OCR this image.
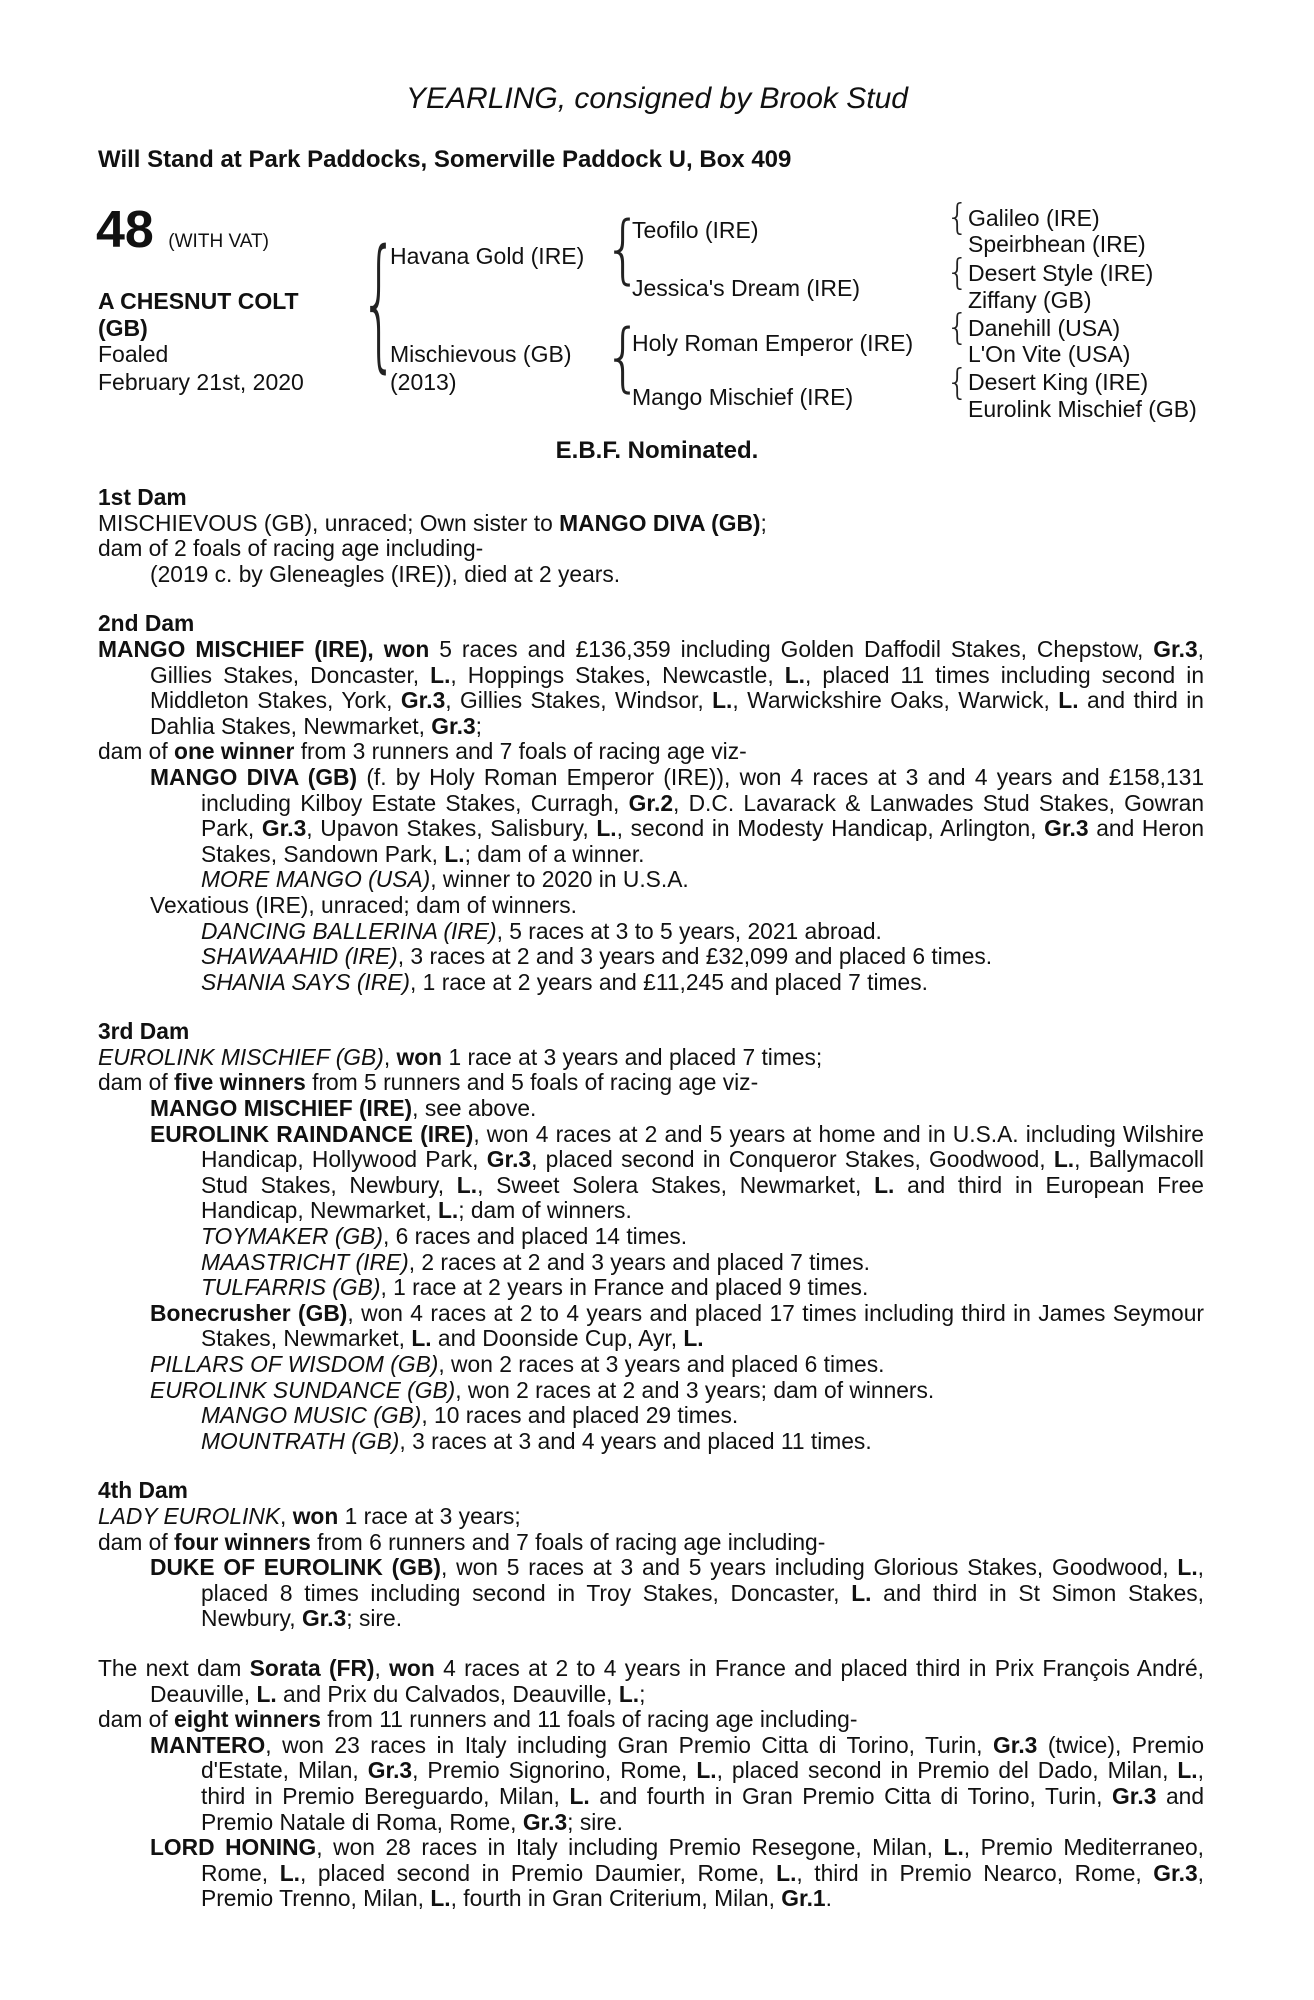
YEARLING, consigned by Brook Stud
Will Stand at Park Paddocks, Somerville Paddock U, Box 409
48 (WITH VAT)
A CHESNUT COLT
(GB)
Foaled
February 21st, 2020 {
Havana Gold (IRE)
Mischievous (GB)
(2013)
{
{
Teofilo (IRE)
Jessica's Dream (IRE)
Holy Roman Emperor (IRE)
Mango Mischief (IRE)
{
{
{
{
Galileo (IRE)
Speirbhean (IRE)
Desert Style (IRE)
Ziffany (GB)
Danehill (USA)
L'On Vite (USA)
Desert King (IRE)
Eurolink Mischief (GB)
E.B.F. Nominated.
1st Dam
MISCHIEVOUS (GB), unraced; Own sister to MANGO DIVA (GB);
dam of 2 foals of racing age including-
(2019 c. by Gleneagles (IRE)), died at 2 years.
2nd Dam
MANGO MISCHIEF (IRE), won 5 races and £136,359 including Golden Daffodil Stakes, Chepstow, Gr.3, Gillies Stakes, Doncaster, L., Hoppings Stakes, Newcastle, L., placed 11 times including second in Middleton Stakes, York, Gr.3, Gillies Stakes, Windsor, L., Warwickshire Oaks, Warwick, L. and third in Dahlia Stakes, Newmarket, Gr.3;
dam of one winner from 3 runners and 7 foals of racing age viz-
MANGO DIVA (GB) (f. by Holy Roman Emperor (IRE)), won 4 races at 3 and 4 years and £158,131 including Kilboy Estate Stakes, Curragh, Gr.2, D.C. Lavarack & Lanwades Stud Stakes, Gowran Park, Gr.3, Upavon Stakes, Salisbury, L., second in Modesty Handicap, Arlington, Gr.3 and Heron Stakes, Sandown Park, L.; dam of a winner.
MORE MANGO (USA), winner to 2020 in U.S.A.
Vexatious (IRE), unraced; dam of winners.
DANCING BALLERINA (IRE), 5 races at 3 to 5 years, 2021 abroad.
SHAWAAHID (IRE), 3 races at 2 and 3 years and £32,099 and placed 6 times.
SHANIA SAYS (IRE), 1 race at 2 years and £11,245 and placed 7 times.
3rd Dam
EUROLINK MISCHIEF (GB), won 1 race at 3 years and placed 7 times;
dam of five winners from 5 runners and 5 foals of racing age viz-
MANGO MISCHIEF (IRE), see above.
EUROLINK RAINDANCE (IRE), won 4 races at 2 and 5 years at home and in U.S.A. including Wilshire Handicap, Hollywood Park, Gr.3, placed second in Conqueror Stakes, Goodwood, L., Ballymacoll Stud Stakes, Newbury, L., Sweet Solera Stakes, Newmarket, L. and third in European Free Handicap, Newmarket, L.; dam of winners.
TOYMAKER (GB), 6 races and placed 14 times.
MAASTRICHT (IRE), 2 races at 2 and 3 years and placed 7 times.
TULFARRIS (GB), 1 race at 2 years in France and placed 9 times.
Bonecrusher (GB), won 4 races at 2 to 4 years and placed 17 times including third in James Seymour Stakes, Newmarket, L. and Doonside Cup, Ayr, L.
PILLARS OF WISDOM (GB), won 2 races at 3 years and placed 6 times.
EUROLINK SUNDANCE (GB), won 2 races at 2 and 3 years; dam of winners.
MANGO MUSIC (GB), 10 races and placed 29 times.
MOUNTRATH (GB), 3 races at 3 and 4 years and placed 11 times.
4th Dam
LADY EUROLINK, won 1 race at 3 years;
dam of four winners from 6 runners and 7 foals of racing age including-
DUKE OF EUROLINK (GB), won 5 races at 3 and 5 years including Glorious Stakes, Goodwood, L., placed 8 times including second in Troy Stakes, Doncaster, L. and third in St Simon Stakes, Newbury, Gr.3; sire.
The next dam Sorata (FR), won 4 races at 2 to 4 years in France and placed third in Prix François André, Deauville, L. and Prix du Calvados, Deauville, L.;
dam of eight winners from 11 runners and 11 foals of racing age including-
MANTERO, won 23 races in Italy including Gran Premio Citta di Torino, Turin, Gr.3 (twice), Premio d'Estate, Milan, Gr.3, Premio Signorino, Rome, L., placed second in Premio del Dado, Milan, L., third in Premio Bereguardo, Milan, L. and fourth in Gran Premio Citta di Torino, Turin, Gr.3 and Premio Natale di Roma, Rome, Gr.3; sire.
LORD HONING, won 28 races in Italy including Premio Resegone, Milan, L., Premio Mediterraneo, Rome, L., placed second in Premio Daumier, Rome, L., third in Premio Nearco, Rome, Gr.3, Premio Trenno, Milan, L., fourth in Gran Criterium, Milan, Gr.1.
